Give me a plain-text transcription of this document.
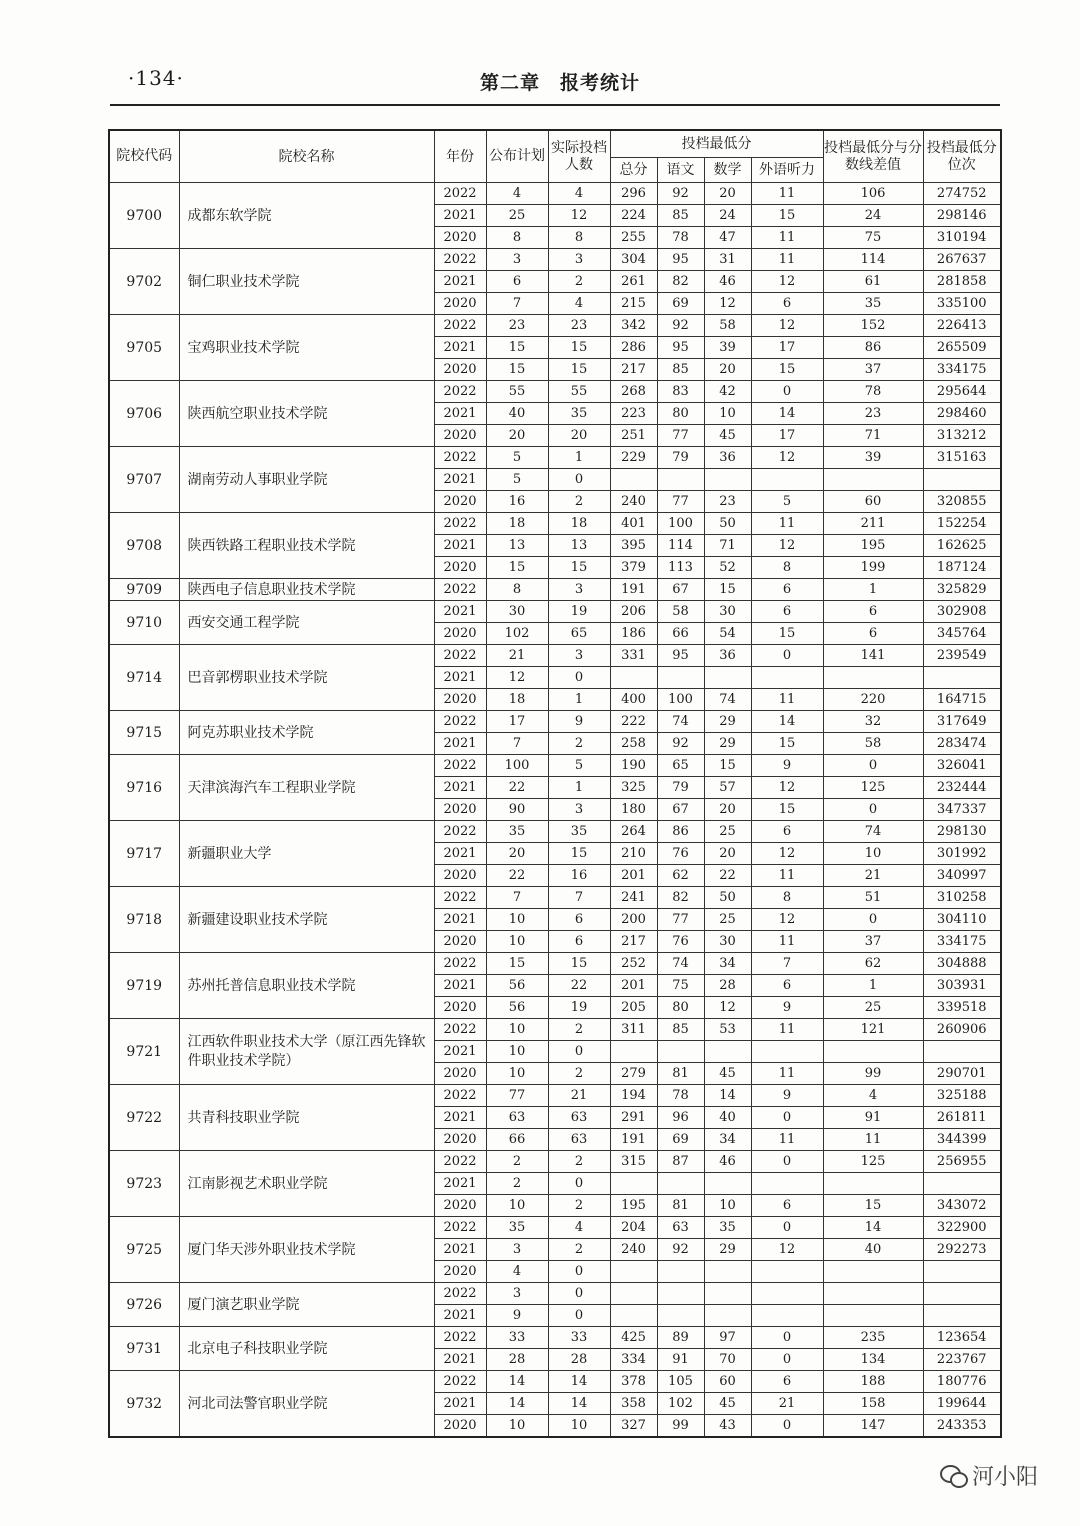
·134·	第二章　报考统计
院校代码	院校名称	年份	公布计划	实际投档人数	投档最低分				投档最低分与分数线差值	投档最低分位次
					总分	语文	数学	外语听力		
9700	成都东软学院	2022	4	4	296	92	20	11	106	274752
		2021	25	12	224	85	24	15	24	298146
		2020	8	8	255	78	47	11	75	310194
9702	铜仁职业技术学院	2022	3	3	304	95	31	11	114	267637
		2021	6	2	261	82	46	12	61	281858
		2020	7	4	215	69	12	6	35	335100
9705	宝鸡职业技术学院	2022	23	23	342	92	58	12	152	226413
		2021	15	15	286	95	39	17	86	265509
		2020	15	15	217	85	20	15	37	334175
9706	陕西航空职业技术学院	2022	55	55	268	83	42	0	78	295644
		2021	40	35	223	80	10	14	23	298460
		2020	20	20	251	77	45	17	71	313212
9707	湖南劳动人事职业学院	2022	5	1	229	79	36	12	39	315163
		2021	5	0						
		2020	16	2	240	77	23	5	60	320855
9708	陕西铁路工程职业技术学院	2022	18	18	401	100	50	11	211	152254
		2021	13	13	395	114	71	12	195	162625
		2020	15	15	379	113	52	8	199	187124
9709	陕西电子信息职业技术学院	2022	8	3	191	67	15	6	1	325829
9710	西安交通工程学院	2021	30	19	206	58	30	6	6	302908
		2020	102	65	186	66	54	15	6	345764
9714	巴音郭楞职业技术学院	2022	21	3	331	95	36	0	141	239549
		2021	12	0						
		2020	18	1	400	100	74	11	220	164715
9715	阿克苏职业技术学院	2022	17	9	222	74	29	14	32	317649
		2021	7	2	258	92	29	15	58	283474
9716	天津滨海汽车工程职业学院	2022	100	5	190	65	15	9	0	326041
		2021	22	1	325	79	57	12	125	232444
		2020	90	3	180	67	20	15	0	347337
9717	新疆职业大学	2022	35	35	264	86	25	6	74	298130
		2021	20	15	210	76	20	12	10	301992
		2020	22	16	201	62	22	11	21	340997
9718	新疆建设职业技术学院	2022	7	7	241	82	50	8	51	310258
		2021	10	6	200	77	25	12	0	304110
		2020	10	6	217	76	30	11	37	334175
9719	苏州托普信息职业技术学院	2022	15	15	252	74	34	7	62	304888
		2021	56	22	201	75	28	6	1	303931
		2020	56	19	205	80	12	9	25	339518
9721	江西软件职业技术大学（原江西先锋软件职业技术学院）	2022	10	2	311	85	53	11	121	260906
		2021	10	0						
		2020	10	2	279	81	45	11	99	290701
9722	共青科技职业学院	2022	77	21	194	78	14	9	4	325188
		2021	63	63	291	96	40	0	91	261811
		2020	66	63	191	69	34	11	11	344399
9723	江南影视艺术职业学院	2022	2	2	315	87	46	0	125	256955
		2021	2	0						
		2020	10	2	195	81	10	6	15	343072
9725	厦门华天涉外职业技术学院	2022	35	4	204	63	35	0	14	322900
		2021	3	2	240	92	29	12	40	292273
		2020	4	0						
9726	厦门演艺职业学院	2022	3	0						
		2021	9	0						
9731	北京电子科技职业学院	2022	33	33	425	89	97	0	235	123654
		2021	28	28	334	91	70	0	134	223767
9732	河北司法警官职业学院	2022	14	14	378	105	60	6	188	180776
		2021	14	14	358	102	45	21	158	199644
		2020	10	10	327	99	43	0	147	243353
河小阳
